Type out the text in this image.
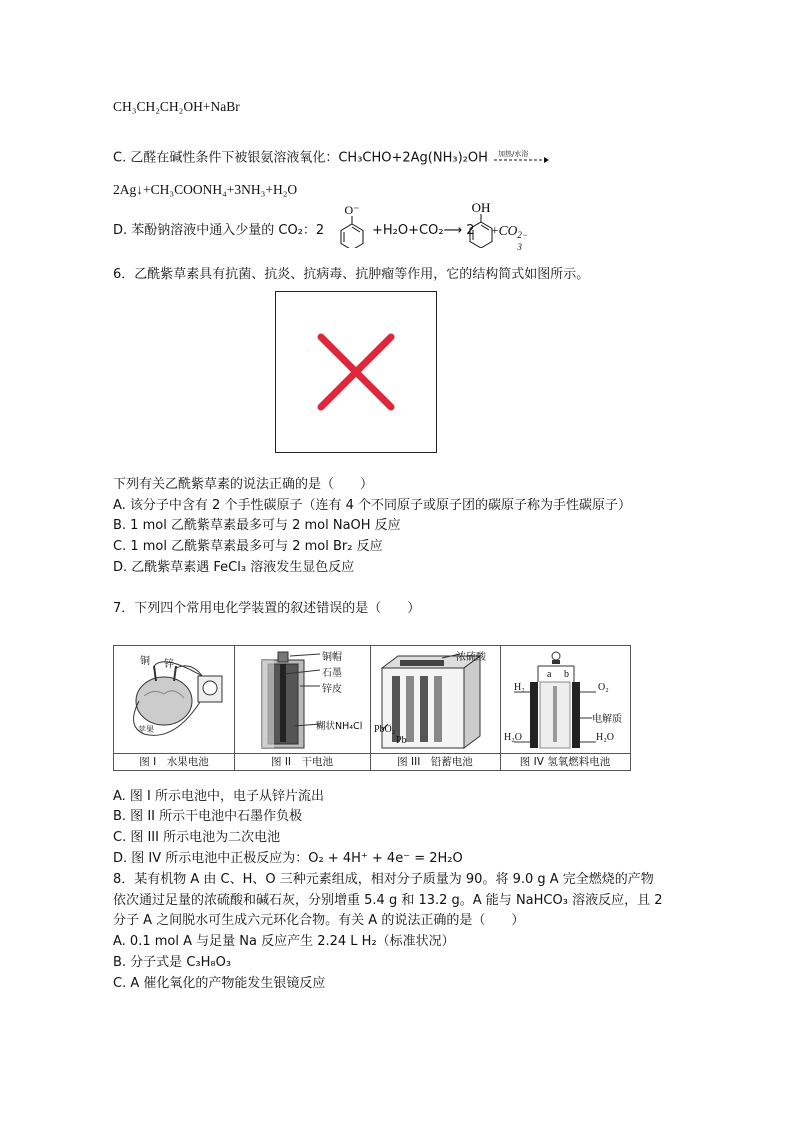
CH₃CH₂CH₂OH+NaBr
C. 乙醛在碱性条件下被银氨溶液氧化：CH₃CHO+2Ag(NH₃)₂OH 加热/水浴
2Ag↓+CH₃COONH₄+3NH₃+H₂O
D. 苯酚钠溶液中通入少量的 CO₂：2
O⁻
+H₂O+CO₂⟶ 2
OH
+CO 2−
3
6．乙酰紫草素具有抗菌、抗炎、抗病毒、抗肿瘤等作用，它的结构简式如图所示。
下列有关乙酰紫草素的说法正确的是（　　）
A. 该分子中含有 2 个手性碳原子（连有 4 个不同原子或原子团的碳原子称为手性碳原子）
B. 1 mol 乙酰紫草素最多可与 2 mol NaOH 反应
C. 1 mol 乙酰紫草素最多可与 2 mol Br₂ 反应
D. 乙酰紫草素遇 FeCl₃ 溶液发生显色反应
7．下列四个常用电化学装置的叙述错误的是（　　）
铜 锌
苹果
图 I　水果电池
铜帽
石墨
锌皮
糊状NH₄Cl
图 II　干电池
浓硫酸
PbO₂
Pb
图 III　铅蓄电池
a b
H₂	O₂
电解质
H₂O	H₂O
图 IV 氢氧燃料电池
A. 图 I 所示电池中，电子从锌片流出
B. 图 II 所示干电池中石墨作负极
C. 图 III 所示电池为二次电池
D. 图 IV 所示电池中正极反应为：O₂ + 4H⁺ + 4e⁻ = 2H₂O
8．某有机物 A 由 C、H、O 三种元素组成，相对分子质量为 90。将 9.0 g A 完全燃烧的产物
依次通过足量的浓硫酸和碱石灰，分别增重 5.4 g 和 13.2 g。A 能与 NaHCO₃ 溶液反应，且 2
分子 A 之间脱水可生成六元环化合物。有关 A 的说法正确的是（　　）
A. 0.1 mol A 与足量 Na 反应产生 2.24 L H₂（标准状况）
B. 分子式是 C₃H₈O₃
C. A 催化氧化的产物能发生银镜反应
